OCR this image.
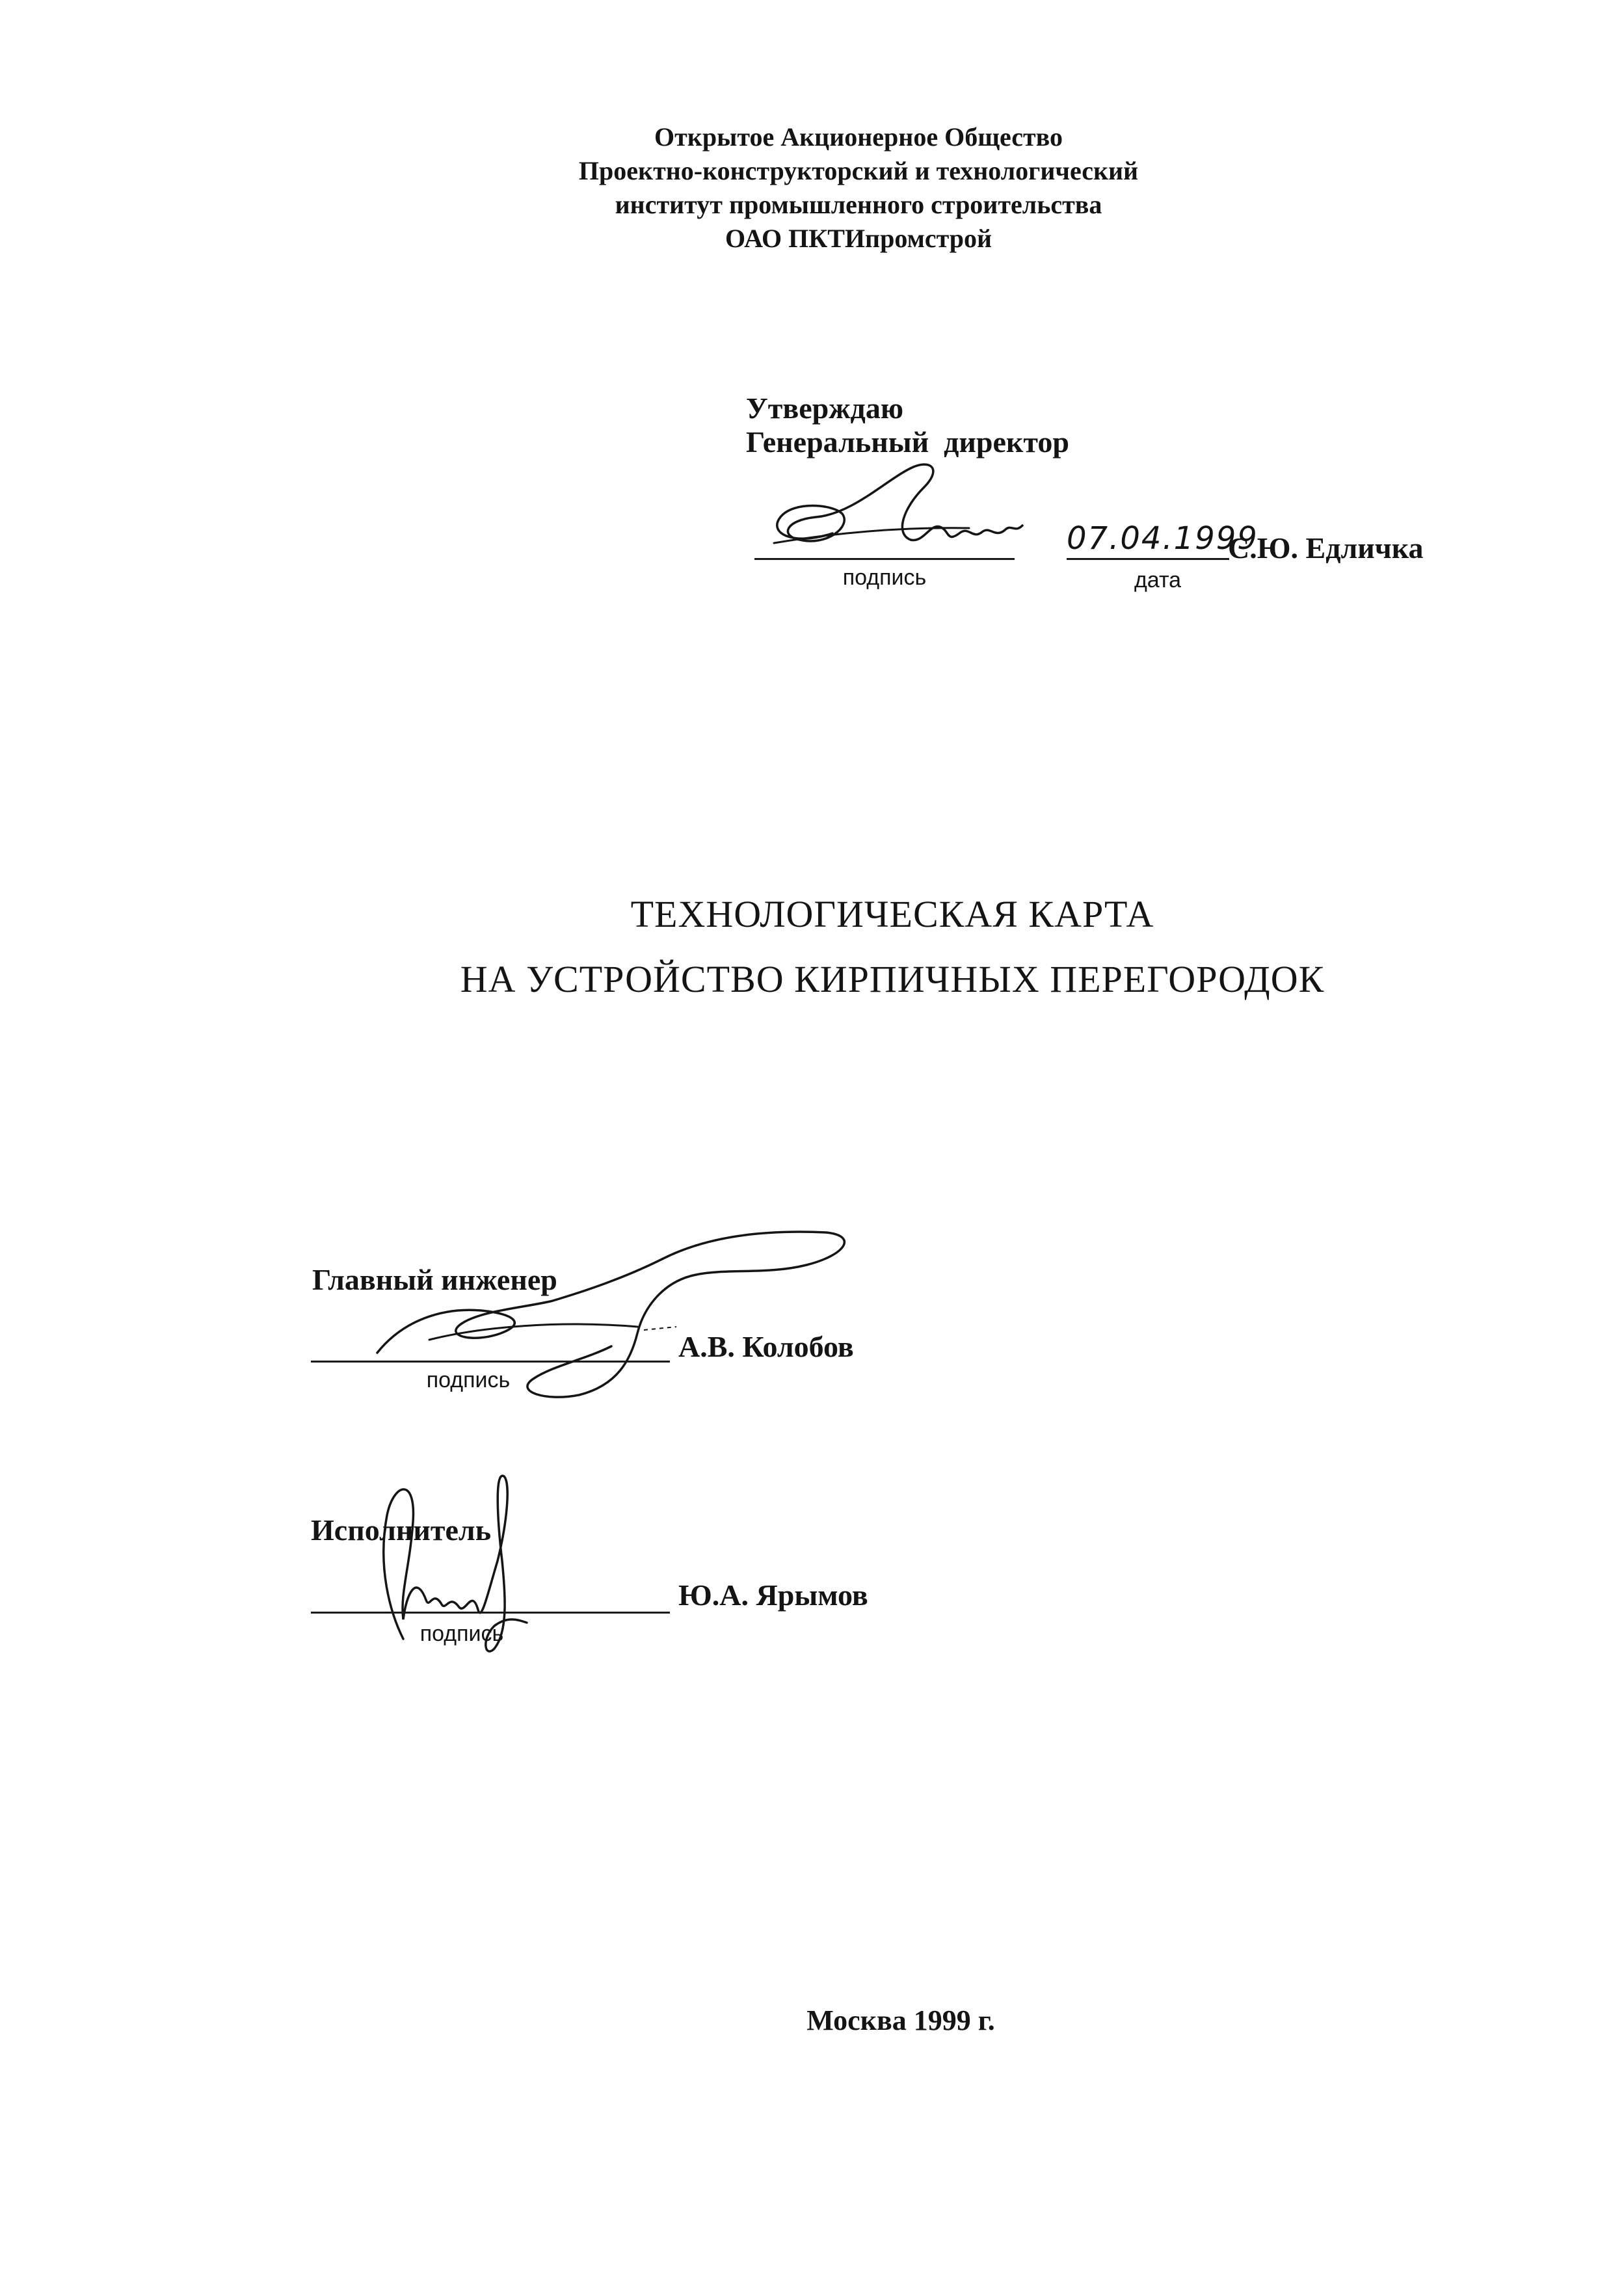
Открытое Акционерное Общество
Проектно-конструкторский и технологический
институт промышленного строительства
ОАО ПКТИпромстрой
Утверждаю
Генеральный  директор
подпись
07.04.1999
дата
С.Ю. Едличка
ТЕХНОЛОГИЧЕСКАЯ КАРТА
НА УСТРОЙСТВО КИРПИЧНЫХ ПЕРЕГОРОДОК
Главный инженер
подпись
А.В. Колобов
Исполнитель
подпись
Ю.А. Ярымов
Москва 1999 г.
